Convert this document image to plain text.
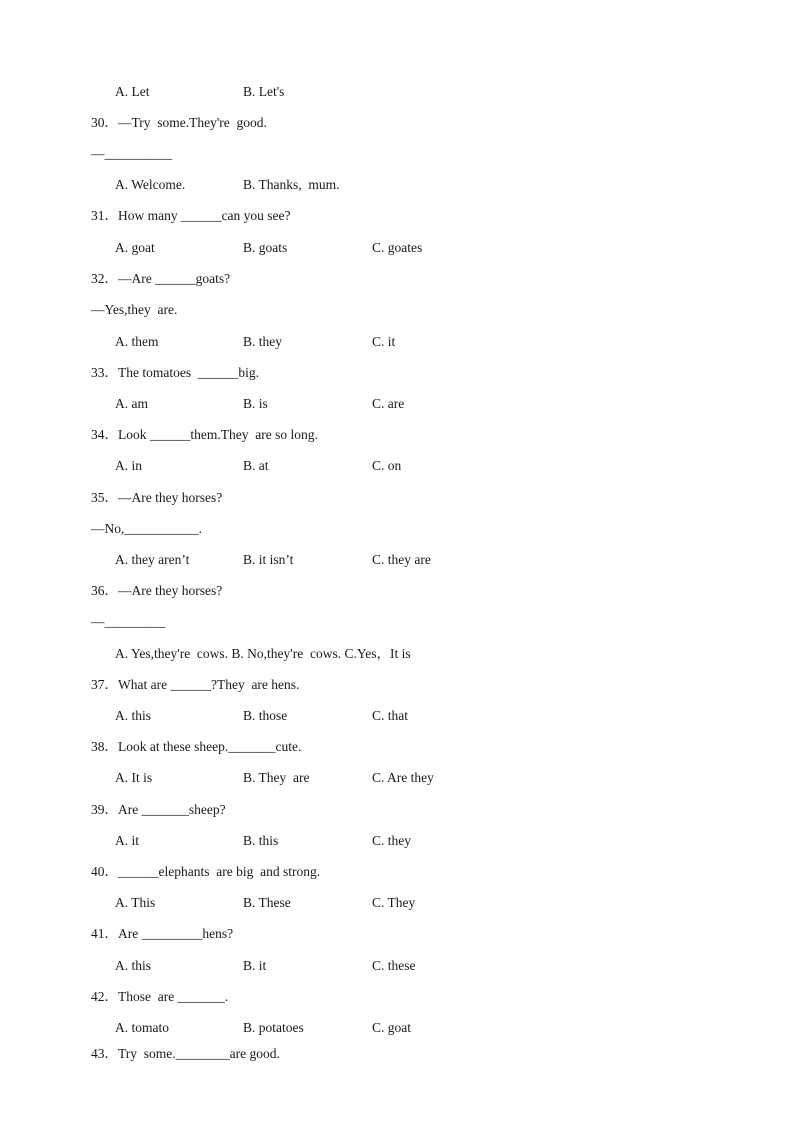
A. Let	B. Let's
30．—Try  some.They're  good.
—__________
A. Welcome.	B. Thanks,  mum.
31．How many ______can you see?
A. goat	B. goats	C. goates
32．—Are ______goats?
—Yes,they  are.
A. them	B. they	C. it
33．The tomatoes  ______big.
A. am	B. is	C. are
34．Look ______them.They  are so long.
A. in	B. at	C. on
35．—Are they horses?
—No,___________.
A. they aren’t	B. it isn’t	C. they are
36．—Are they horses?
—_________
A. Yes,they're  cows. B. No,they're  cows. C.Yes，It is
37．What are ______?They  are hens.
A. this	B. those	C. that
38．Look at these sheep._______cute.
A. It is	B. They  are	C. Are they
39．Are _______sheep?
A. it	B. this	C. they
40．______elephants  are big  and strong.
A. This	B. These	C. They
41．Are _________hens?
A. this	B. it	C. these
42．Those  are _______.
A. tomato	B. potatoes	C. goat
43．Try  some.________are good.
